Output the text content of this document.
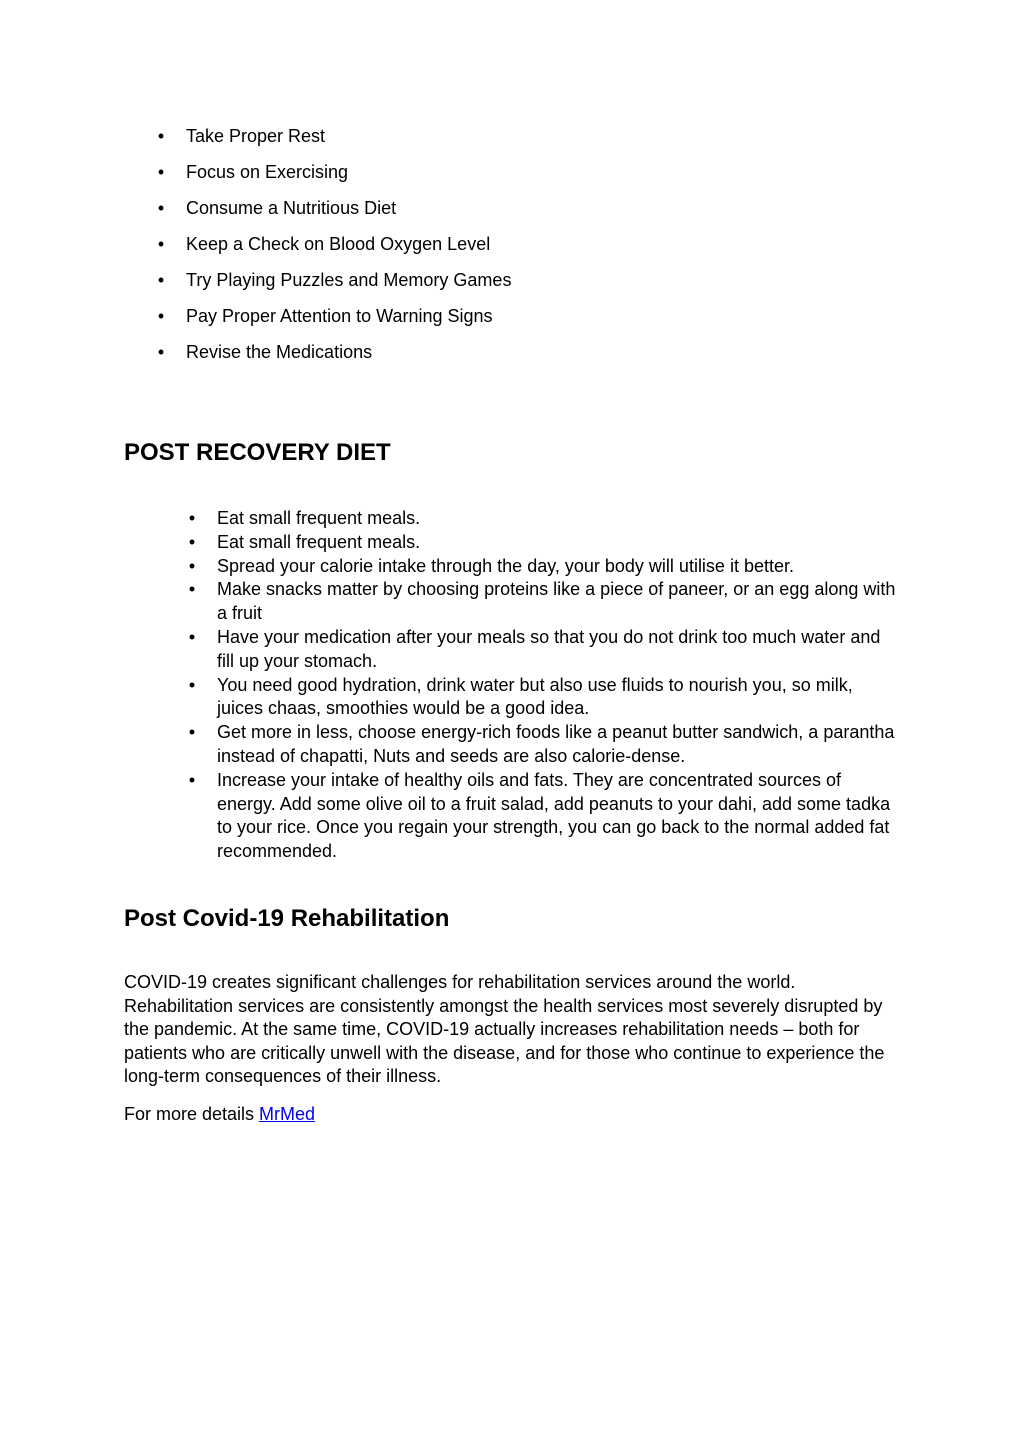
• Take Proper Rest
• Focus on Exercising
• Consume a Nutritious Diet
• Keep a Check on Blood Oxygen Level
• Try Playing Puzzles and Memory Games
• Pay Proper Attention to Warning Signs
• Revise the Medications
POST RECOVERY DIET
• Eat small frequent meals.
• Eat small frequent meals.
• Spread your calorie intake through the day, your body will utilise it better.
• Make snacks matter by choosing proteins like a piece of paneer, or an egg along with a fruit
• Have your medication after your meals so that you do not drink too much water and fill up your stomach.
• You need good hydration, drink water but also use fluids to nourish you, so milk, juices chaas, smoothies would be a good idea.
• Get more in less, choose energy-rich foods like a peanut butter sandwich, a parantha instead of chapatti, Nuts and seeds are also calorie-dense.
• Increase your intake of healthy oils and fats. They are concentrated sources of energy. Add some olive oil to a fruit salad, add peanuts to your dahi, add some tadka to your rice. Once you regain your strength, you can go back to the normal added fat recommended.
Post Covid-19 Rehabilitation

COVID-19 creates significant challenges for rehabilitation services around the world. Rehabilitation services are consistently amongst the health services most severely disrupted by the pandemic. At the same time, COVID-19 actually increases rehabilitation needs – both for patients who are critically unwell with the disease, and for those who continue to experience the long-term consequences of their illness.

For more details MrMed
